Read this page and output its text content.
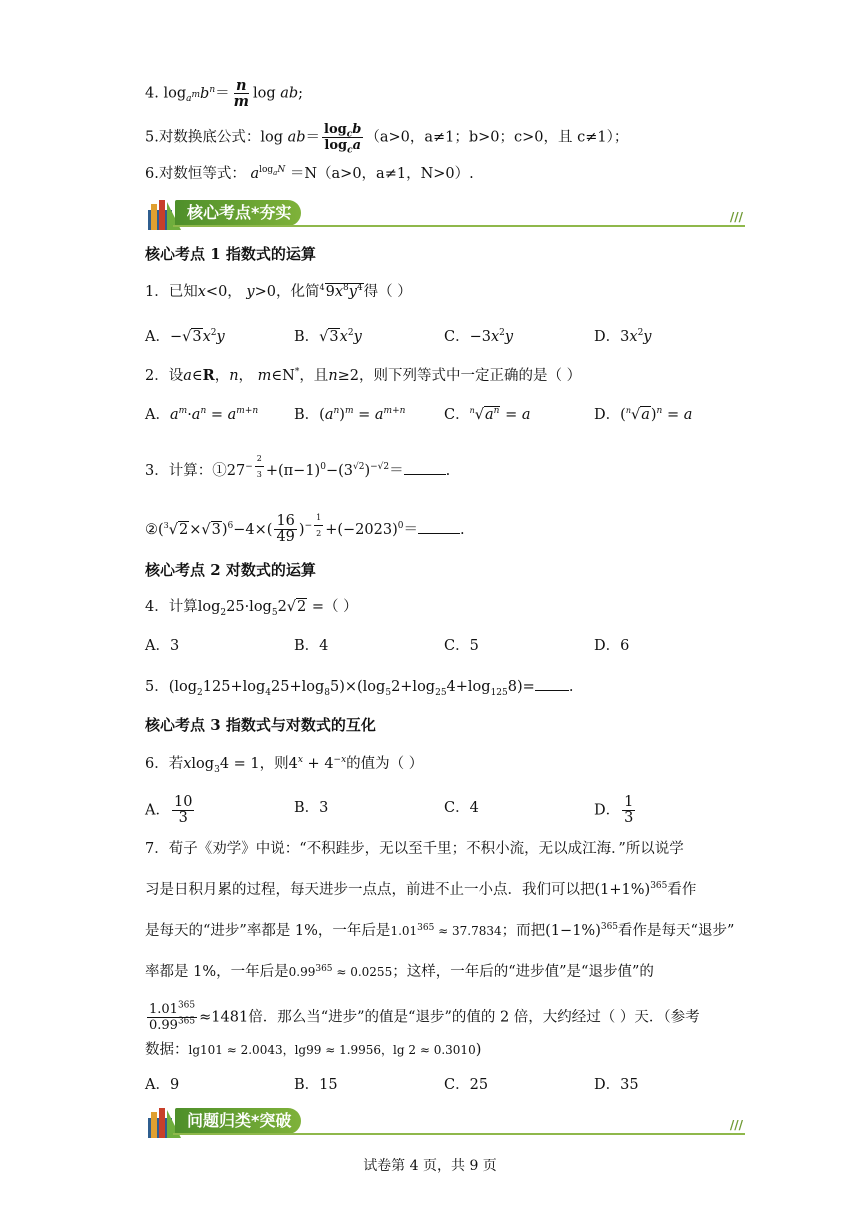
4. $\log_{a^m}b^n= \frac{n}{m}$ log ab;
5.对数换底公式：$\log ab= \frac{\log_cb}{\log_ca} (a>0$，a≠1；b>0；c>0，且 c≠1）；
6.对数恒等式： $a^{log_aN} =N(a>0$，a≠1，N>0）.
核心考点*夯实	///
核心考点 1 指数式的运算
1．已知x<0， y>0，化简$^49x^8y^4$得（ ）
A．$-√3x^2y$	B．$√3x^2y$	C．$-3x^2y$	D．$3x^2y$
2．设a∈R，n， m∈N*，且n≥2，则下列等式中一定正确的是（ ）
A．$a^m\cdot a^n = a^{m+n}$ B．$(a^n)^m = a^{m+n}$	C．$^n√a^n = a$	D．$(^n√a)^n = a$
3．计算：$①27^{- \frac{2}{3}} +(\pi-1)^0-(3^{√2})^{-√2}=$	.
$②(^3√2\times√3)^6-4\times( \frac{16}{49} )^{- \frac{1}{2}} +(-2023)^0=$	.
核心考点 2 对数式的运算
4．计算$\log_225\cdot\log_52√2$ =（ ）
A．3	B．4	C．5	D．6
5．$(\log_2125+\log_425+\log_85)\times(\log_52+\log_{25}4+\log_{125}8)=$ .
核心考点 3 指数式与对数式的互化
6．若xlog$_3$4 = 1，则$4^x + 4^{-x}$的值为（ ）
A． $\frac{10}{3}$	B．3	C．4	D． $\frac{1}{3}$
7．荀子《劝学》中说：“不积跬步，无以至千里；不积小流，无以成江海．”所以说学
习是日积月累的过程，每天进步一点点，前进不止一小点．我们可以把$(1+1\%)^{365}$看作
是每天的“进步”率都是 1%，一年后是$1.01^{365} \approx 37.7834$；而把$(1-1\%)^{365}$看作是每天“退步”
率都是 1%，一年后是$0.99^{365} \approx 0.0255$；这样，一年后的“进步值”是“退步值”的
$\frac{1.01^{365}}{0.99^{365}} \approx 1481$倍．那么当“进步”的值是“退步”的值的 2 倍，大约经过（ ）天．（参考
数据：lg101 ≈ 2.0043，lg99 ≈ 1.9956，lg 2 ≈ 0.3010)
A．9	B．15	C．25	D．35
问题归类*突破	///
试卷第 4 页，共 9 页
